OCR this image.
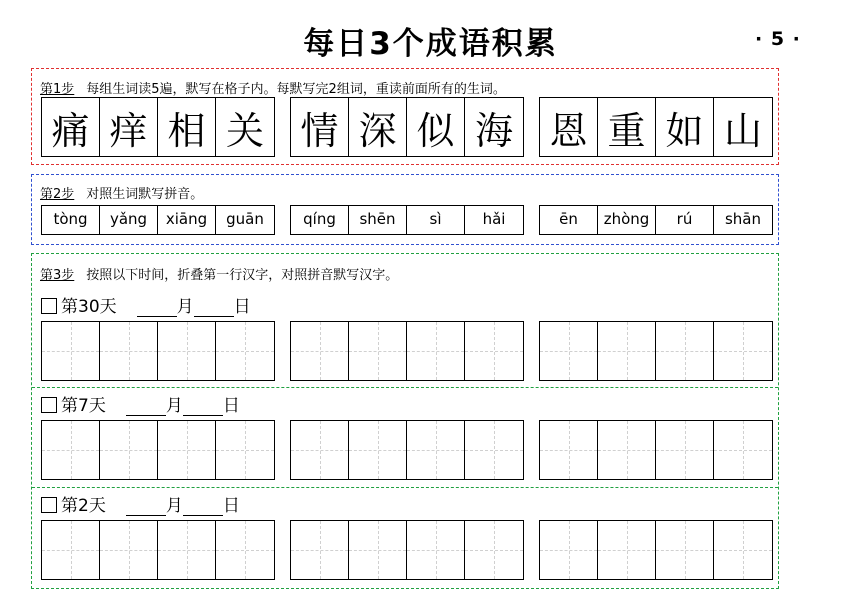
每日3个成语积累	· 5 ·
第1步 每组生词读5遍，默写在格子内。每默写完2组词，重读前面所有的生词。
痛 痒 相 关 情 深 似 海 恩 重 如 山
第2步 对照生词默写拼音。
tòng yǎng xiāng guān	qíng shēn sì	hǎi	ēn zhòng rú shān
第3步 按照以下时间，折叠第一行汉字，对照拼音默写汉字。
第30天	月 日
第7天	月 日
第2天	月 日
